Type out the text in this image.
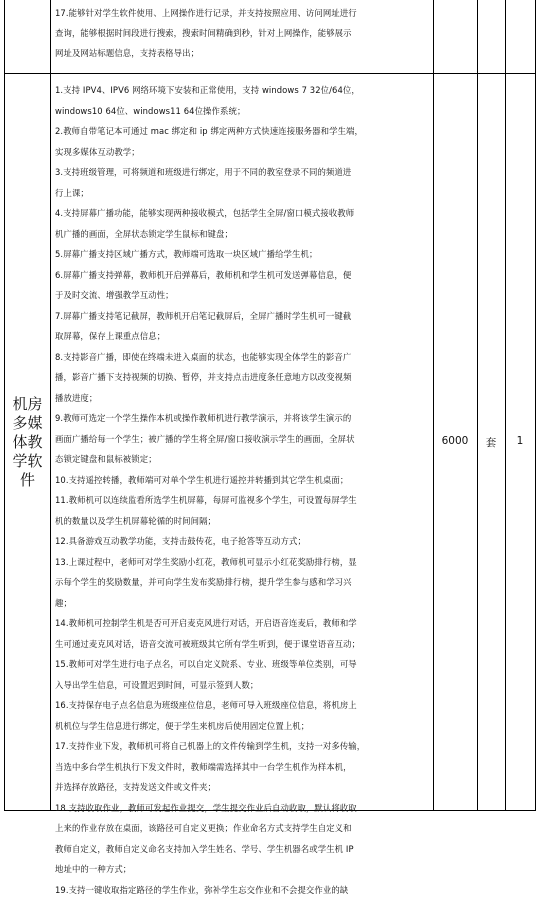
17.能够针对学生软件使用、上网操作进行记录，并支持按照应用、访问网址进行
查询，能够根据时间段进行搜索，搜索时间精确到秒，针对上网操作，能够展示
网址及网站标题信息，支持表格导出；
机房多媒体教学软件
1.支持 IPV4、IPV6 网络环境下安装和正常使用，支持 windows 7 32位/64位，
windows10 64位、windows11 64位操作系统；
2.教师自带笔记本可通过 mac 绑定和 ip 绑定两种方式快速连接服务器和学生端，
实现多媒体互动教学；
3.支持班级管理，可将频道和班级进行绑定，用于不同的教室登录不同的频道进
行上课；
4.支持屏幕广播功能，能够实现两种接收模式，包括学生全屏/窗口模式接收教师
机广播的画面，全屏状态锁定学生鼠标和键盘；
5.屏幕广播支持区域广播方式，教师端可选取一块区域广播给学生机；
6.屏幕广播支持弹幕，教师机开启弹幕后，教师机和学生机可发送弹幕信息，便
于及时交流、增强教学互动性；
7.屏幕广播支持笔记截屏，教师机开启笔记截屏后，全屏广播时学生机可一键截
取屏幕，保存上课重点信息；
8.支持影音广播，即使在终端未进入桌面的状态，也能够实现全体学生的影音广
播，影音广播下支持视频的切换、暂停，并支持点击进度条任意地方以改变视频
播放进度；
9.教师可选定一个学生操作本机或操作教师机进行教学演示，并将该学生演示的
画面广播给每一个学生；被广播的学生将全屏/窗口接收演示学生的画面，全屏状
态锁定键盘和鼠标被锁定；
10.支持遥控转播，教师端可对单个学生机进行遥控并转播到其它学生机桌面；
11.教师机可以连续监看所选学生机屏幕，每屏可监视多个学生，可设置每屏学生
机的数量以及学生机屏幕轮循的时间间隔；
12.具备游戏互动教学功能，支持击鼓传花，电子抢答等互动方式；
13.上课过程中，老师可对学生奖励小红花，教师机可显示小红花奖励排行榜，显
示每个学生的奖励数量，并可向学生发布奖励排行榜，提升学生参与感和学习兴
趣；
14.教师机可控制学生机是否可开启麦克风进行对话，开启语音连麦后，教师和学
生可通过麦克风对话，语音交流可被班级其它所有学生听到，便于课堂语音互动；
15.教师可对学生进行电子点名，可以自定义院系、专业、班级等单位类别，可导
入导出学生信息，可设置迟到时间，可显示签到人数；
16.支持保存电子点名信息为班级座位信息，老师可导入班级座位信息，将机房上
机机位与学生信息进行绑定，便于学生来机房后使用固定位置上机；
17.支持作业下发，教师机可将自己机器上的文件传输到学生机，支持一对多传输，
当选中多台学生机执行下发文件时，教师端需选择其中一台学生机作为样本机，
并选择存放路径，支持发送文件或文件夹；
18.支持收取作业，教师可发起作业提交，学生提交作业后自动收取，默认将收取
上来的作业存放在桌面，该路径可自定义更换；作业命名方式支持学生自定义和
教师自定义，教师自定义命名支持加入学生姓名、学号、学生机器名或学生机 IP
地址中的一种方式；
19.支持一键收取指定路径的学生作业，弥补学生忘交作业和不会提交作业的缺
6000	套	1
